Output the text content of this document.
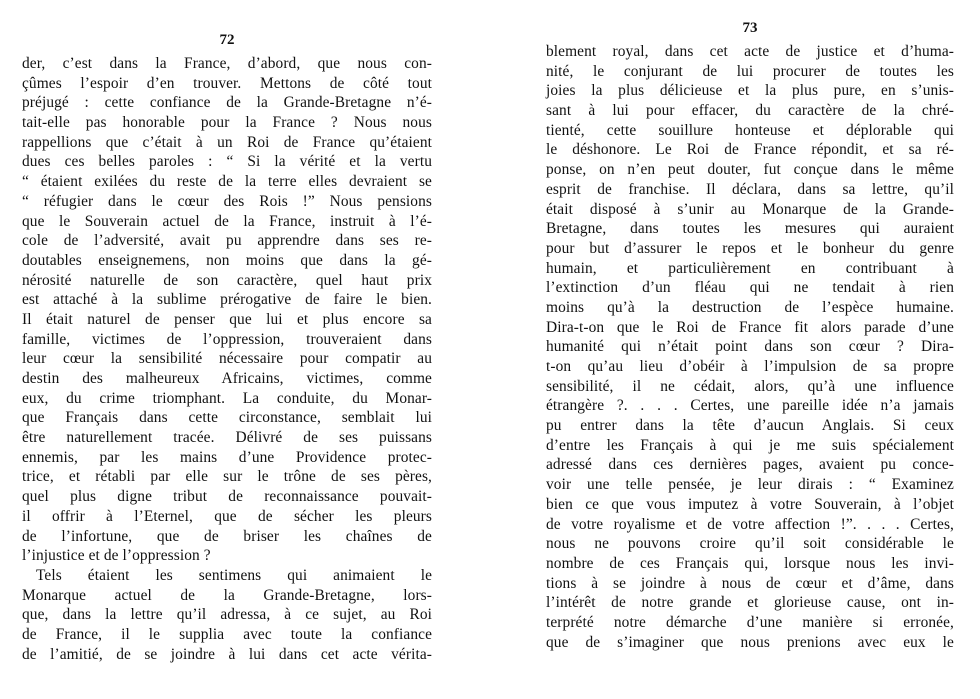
72
der, c’est dans la France, d’abord, que nous con-
çûmes l’espoir d’en trouver. Mettons de côté tout
préjugé : cette confiance de la Grande-Bretagne n’é-
tait-elle pas honorable pour la France ? Nous nous
rappellions que c’était à un Roi de France qu’étaient
dues ces belles paroles : “ Si la vérité et la vertu
“ étaient exilées du reste de la terre elles devraient se
“ réfugier dans le cœur des Rois !” Nous pensions
que le Souverain actuel de la France, instruit à l’é-
cole de l’adversité, avait pu apprendre dans ses re-
doutables enseignemens, non moins que dans la gé-
nérosité naturelle de son caractère, quel haut prix
est attaché à la sublime prérogative de faire le bien.
Il était naturel de penser que lui et plus encore sa
famille, victimes de l’oppression, trouveraient dans
leur cœur la sensibilité nécessaire pour compatir au
destin des malheureux Africains, victimes, comme
eux, du crime triomphant. La conduite, du Monar-
que Français dans cette circonstance, semblait lui
être naturellement tracée. Délivré de ses puissans
ennemis, par les mains d’une Providence protec-
trice, et rétabli par elle sur le trône de ses pères,
quel plus digne tribut de reconnaissance pouvait-
il offrir à l’Eternel, que de sécher les pleurs
de l’infortune, que de briser les chaînes de
l’injustice et de l’oppression ?
Tels étaient les sentimens qui animaient le
Monarque actuel de la Grande-Bretagne, lors-
que, dans la lettre qu’il adressa, à ce sujet, au Roi
de France, il le supplia avec toute la confiance
de l’amitié, de se joindre à lui dans cet acte vérita-
73
blement royal, dans cet acte de justice et d’huma-
nité, le conjurant de lui procurer de toutes les
joies la plus délicieuse et la plus pure, en s’unis-
sant à lui pour effacer, du caractère de la chré-
tienté, cette souillure honteuse et déplorable qui
le déshonore. Le Roi de France répondit, et sa ré-
ponse, on n’en peut douter, fut conçue dans le même
esprit de franchise. Il déclara, dans sa lettre, qu’il
était disposé à s’unir au Monarque de la Grande-
Bretagne, dans toutes les mesures qui auraient
pour but d’assurer le repos et le bonheur du genre
humain, et particulièrement en contribuant à
l’extinction d’un fléau qui ne tendait à rien
moins qu’à la destruction de l’espèce humaine.
Dira-t-on que le Roi de France fit alors parade d’une
humanité qui n’était point dans son cœur ? Dira-
t-on qu’au lieu d’obéir à l’impulsion de sa propre
sensibilité, il ne cédait, alors, qu’à une influence
étrangère ?. . . . Certes, une pareille idée n’a jamais
pu entrer dans la tête d’aucun Anglais. Si ceux
d’entre les Français à qui je me suis spécialement
adressé dans ces dernières pages, avaient pu conce-
voir une telle pensée, je leur dirais : “ Examinez
bien ce que vous imputez à votre Souverain, à l’objet
de votre royalisme et de votre affection !”. . . . Certes,
nous ne pouvons croire qu’il soit considérable le
nombre de ces Français qui, lorsque nous les invi-
tions à se joindre à nous de cœur et d’âme, dans
l’intérêt de notre grande et glorieuse cause, ont in-
terprété notre démarche d’une manière si erronée,
que de s’imaginer que nous prenions avec eux le
